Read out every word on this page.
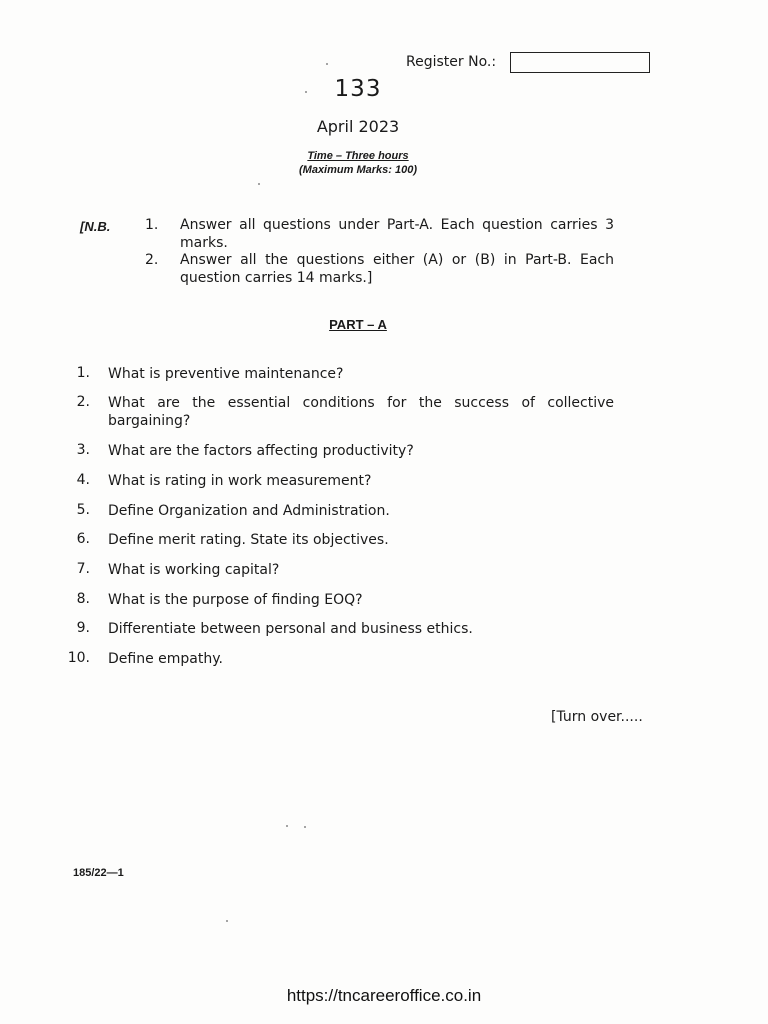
Register No.:
133
April 2023
Time – Three hours
(Maximum Marks: 100)
[N.B. 1. Answer all questions under Part-A. Each question carries 3 marks.
2. Answer all the questions either (A) or (B) in Part-B. Each question carries 14 marks.]
PART – A
1. What is preventive maintenance?
2. What are the essential conditions for the success of collective bargaining?
3. What are the factors affecting productivity?
4. What is rating in work measurement?
5. Define Organization and Administration.
6. Define merit rating. State its objectives.
7. What is working capital?
8. What is the purpose of finding EOQ?
9. Differentiate between personal and business ethics.
10. Define empathy.
[Turn over.....
185/22—1
https://tncareeroffice.co.in
